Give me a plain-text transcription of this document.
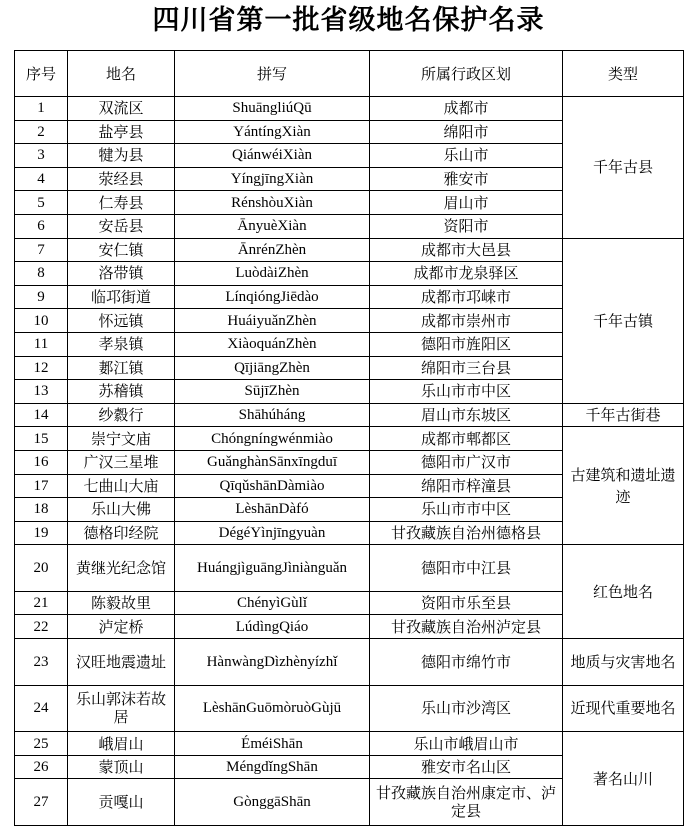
四川省第一批省级地名保护名录
序号	地名	拼写	所属行政区划	类型
1	双流区	ShuāngliúQū	成都市	千年古县
2	盐亭县	YántíngXiàn	绵阳市	
3	犍为县	QiánwéiXiàn	乐山市	
4	荥经县	YíngjīngXiàn	雅安市	
5	仁寿县	RénshòuXiàn	眉山市	
6	安岳县	ĀnyuèXiàn	资阳市	
7	安仁镇	ĀnrénZhèn	成都市大邑县	千年古镇
8	洛带镇	LuòdàiZhèn	成都市龙泉驿区	
9	临邛街道	LínqióngJiēdào	成都市邛崃市	
10	怀远镇	HuáiyuǎnZhèn	成都市崇州市	
11	孝泉镇	XiàoquánZhèn	德阳市旌阳区	
12	郪江镇	QījiāngZhèn	绵阳市三台县	
13	苏稽镇	SūjīZhèn	乐山市市中区	
14	纱縠行	Shāhúháng	眉山市东坡区	千年古街巷
15	崇宁文庙	Chóngníngwénmiào	成都市郫都区	古建筑和遗址遗迹
16	广汉三星堆	GuǎnghànSānxīngduī	德阳市广汉市	
17	七曲山大庙	QīqǔshānDàmiào	绵阳市梓潼县	
18	乐山大佛	LèshānDàfó	乐山市市中区	
19	德格印经院	DégéYìnjīngyuàn	甘孜藏族自治州德格县	
20	黄继光纪念馆	HuángjìguāngJìniànguǎn	德阳市中江县	红色地名
21	陈毅故里	ChényìGùlǐ	资阳市乐至县	
22	泸定桥	LúdìngQiáo	甘孜藏族自治州泸定县	
23	汉旺地震遗址	HànwàngDìzhènyízhǐ	德阳市绵竹市	地质与灾害地名
24	乐山郭沫若故居	LèshānGuōmòruòGùjū	乐山市沙湾区	近现代重要地名
25	峨眉山	ÉméiShān	乐山市峨眉山市	著名山川
26	蒙顶山	MéngdǐngShān	雅安市名山区	
27	贡嘎山	GònggāShān	甘孜藏族自治州康定市、泸定县	
